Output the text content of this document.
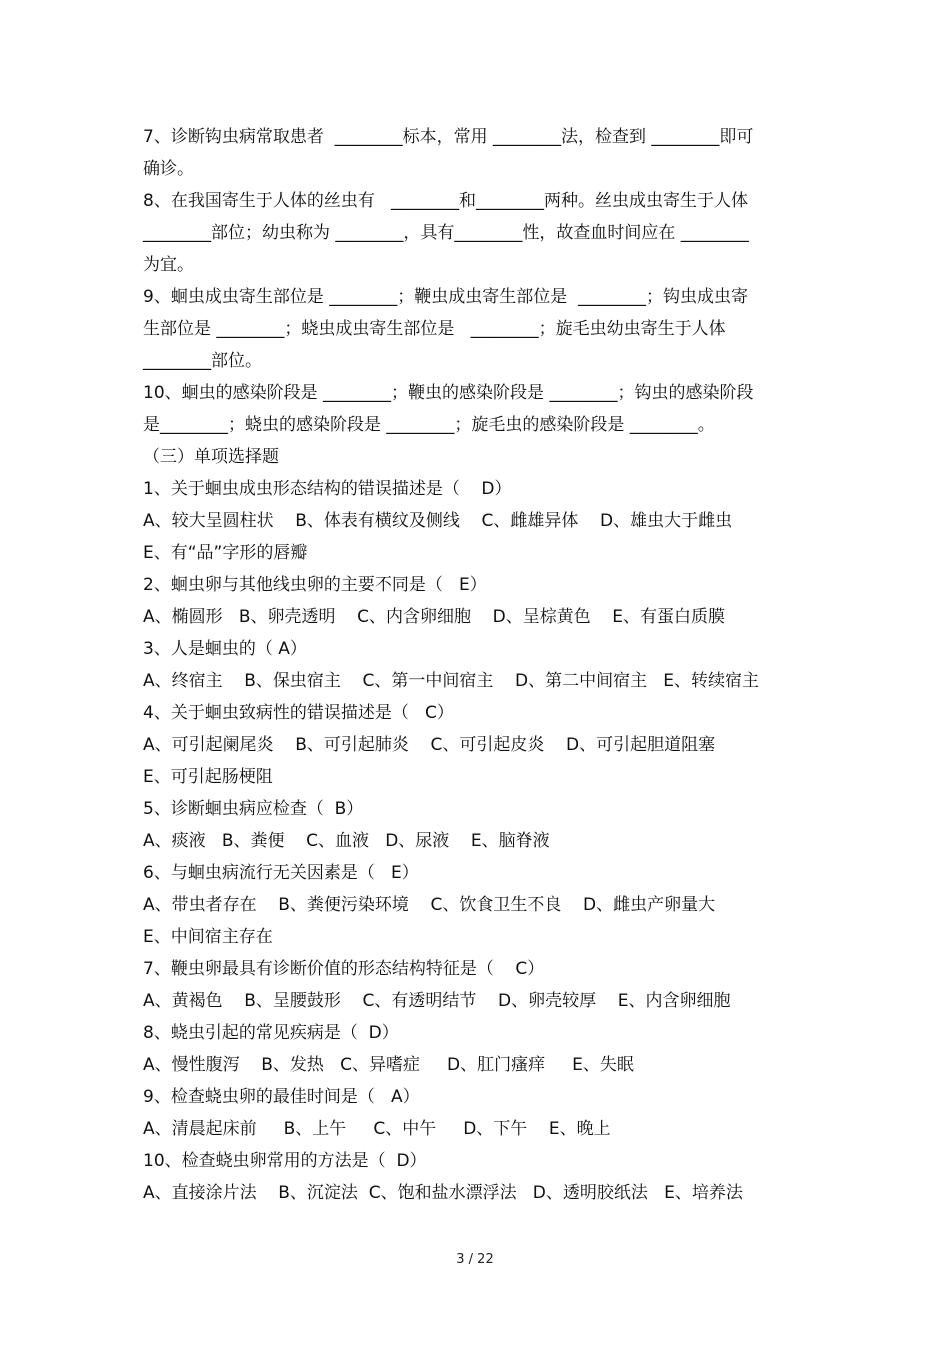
7、诊断钩虫病常取患者  ________标本，常用 ________法，检查到 ________即可
确诊。
8、在我国寄生于人体的丝虫有   ________和________两种。丝虫成虫寄生于人体
________部位；幼虫称为 ________，具有________性，故查血时间应在 ________
为宜。
9、蛔虫成虫寄生部位是 ________；鞭虫成虫寄生部位是  ________；钩虫成虫寄
生部位是 ________；蛲虫成虫寄生部位是   ________；旋毛虫幼虫寄生于人体
________部位。
10、蛔虫的感染阶段是 ________；鞭虫的感染阶段是 ________；钩虫的感染阶段
是________；蛲虫的感染阶段是 ________；旋毛虫的感染阶段是 ________。
（三）单项选择题
1、关于蛔虫成虫形态结构的错误描述是（    D）
A、较大呈圆柱状    B、体表有横纹及侧线    C、雌雄异体    D、雄虫大于雌虫
E、有“品”字形的唇瓣
2、蛔虫卵与其他线虫卵的主要不同是（   E）
A、椭圆形   B、卵壳透明    C、内含卵细胞    D、呈棕黄色    E、有蛋白质膜
3、人是蛔虫的（ A）
A、终宿主    B、保虫宿主    C、第一中间宿主    D、第二中间宿主   E、转续宿主
4、关于蛔虫致病性的错误描述是（   C）
A、可引起阑尾炎    B、可引起肺炎    C、可引起皮炎    D、可引起胆道阻塞
E、可引起肠梗阻
5、诊断蛔虫病应检查（  B）
A、痰液   B、粪便    C、血液   D、尿液    E、脑脊液
6、与蛔虫病流行无关因素是（   E）
A、带虫者存在    B、粪便污染环境    C、饮食卫生不良    D、雌虫产卵量大
E、中间宿主存在
7、鞭虫卵最具有诊断价值的形态结构特征是（    C）
A、黄褐色    B、呈腰鼓形    C、有透明结节    D、卵壳较厚    E、内含卵细胞
8、蛲虫引起的常见疾病是（  D）
A、慢性腹泻    B、发热   C、异嗜症     D、肛门瘙痒     E、失眠
9、检查蛲虫卵的最佳时间是（   A）
A、清晨起床前     B、上午     C、中午     D、下午    E、晚上
10、检查蛲虫卵常用的方法是（  D）
A、直接涂片法    B、沉淀法  C、饱和盐水漂浮法   D、透明胶纸法   E、培养法
3 / 22
